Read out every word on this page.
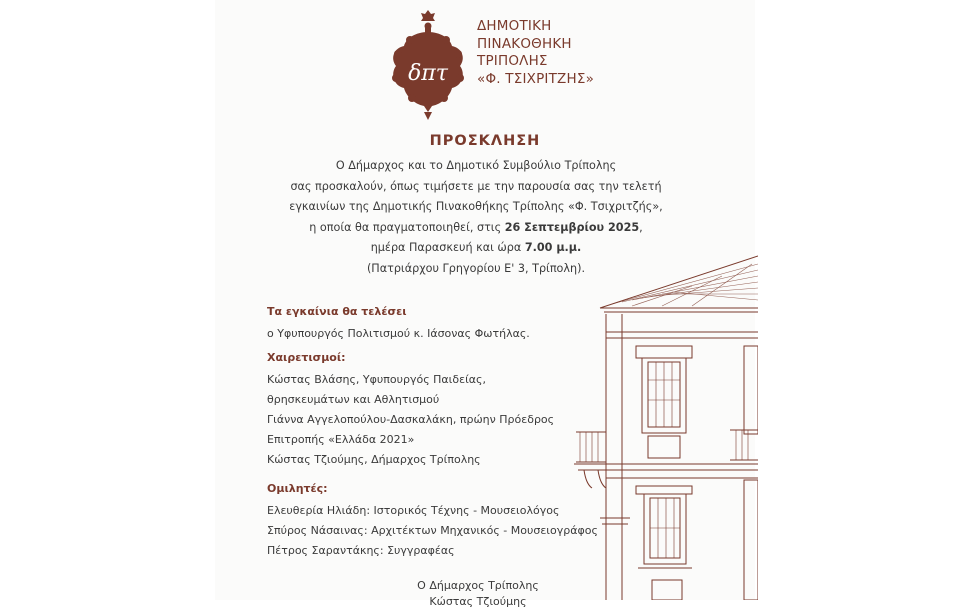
δπτ
ΔΗΜΟΤΙΚΗ
ΠΙΝΑΚΟΘΗΚΗ
ΤΡΙΠΟΛΗΣ
«Φ. ΤΣΙΧΡΙΤΖΗΣ»
ΠΡΟΣΚΛΗΣΗ
Ο Δήμαρχος και το Δημοτικό Συμβούλιο Τρίπολης
σας προσκαλούν, όπως τιμήσετε με την παρουσία σας την τελετή
εγκαινίων της Δημοτικής Πινακοθήκης Τρίπολης «Φ. Τσιχριτζής»,
η οποία θα πραγματοποιηθεί, στις 26 Σεπτεμβρίου 2025,
ημέρα Παρασκευή και ώρα 7.00 μ.μ.
(Πατριάρχου Γρηγορίου Ε' 3, Τρίπολη).
Τα εγκαίνια θα τελέσει
ο Υφυπουργός Πολιτισμού κ. Ιάσονας Φωτήλας.
Χαιρετισμοί:
Κώστας Βλάσης, Υφυπουργός Παιδείας,
θρησκευμάτων και Αθλητισμού
Γιάννα Αγγελοπούλου-Δασκαλάκη, πρώην Πρόεδρος
Επιτροπής «Ελλάδα 2021»
Κώστας Τζιούμης, Δήμαρχος Τρίπολης
Ομιλητές:
Ελευθερία Ηλιάδη: Ιστορικός Τέχνης - Μουσειολόγος
Σπύρος Νάσαινας: Αρχιτέκτων Μηχανικός - Μουσειογράφος
Πέτρος Σαραντάκης: Συγγραφέας
Ο Δήμαρχος Τρίπολης
Κώστας Τζιούμης
